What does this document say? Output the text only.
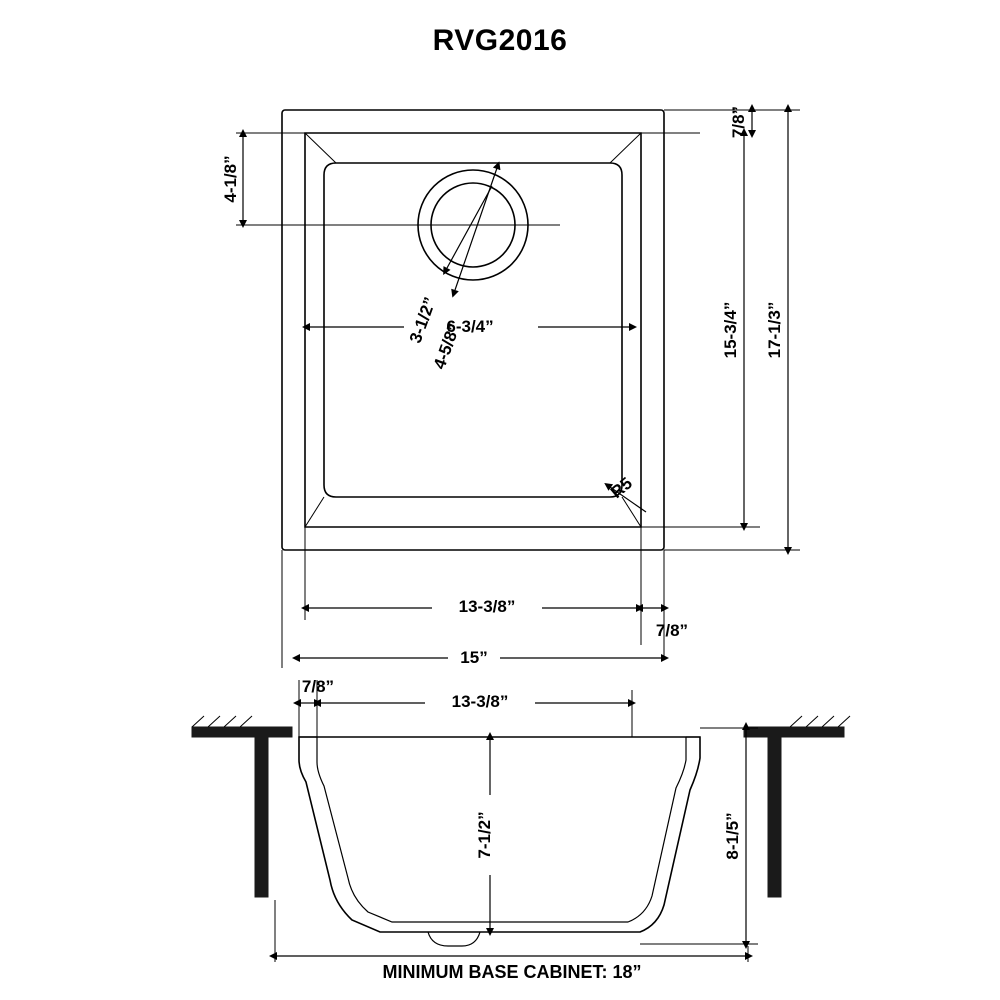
RVG2016
4-1/8”
7/8”
15-3/4” 17-1/3”
6-3/4”
3-1/2”
4-5/8”
R5
13-3/8”
7/8”
15”
7/8”
13-3/8”
7-1/2”	8-1/5”
MINIMUM BASE CABINET: 18”
